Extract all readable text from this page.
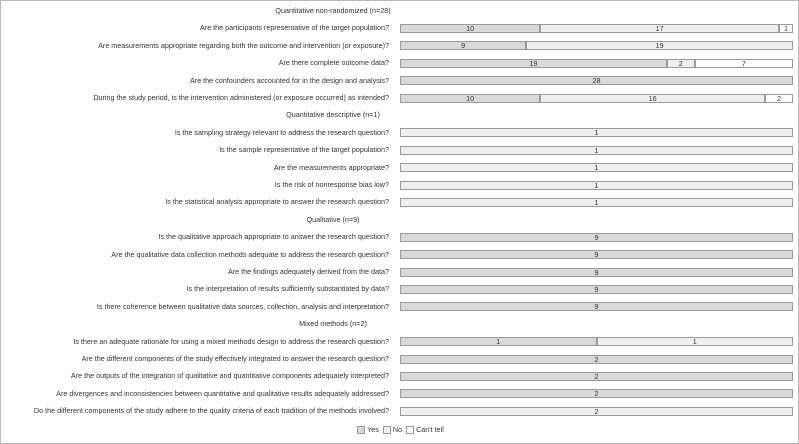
Quantitative non-randomized (n=28)
Are the participants representative of the target population?	10	17	1
Are measurements appropriate regarding both the outcome and intervention (or exposure)?	9	19
Are there complete outcome data?	19	2	7
Are the confounders accounted for in the design and analysis?	28
During the study period, is the intervention administered (or exposure occurred) as intended?	10	16	2
Quantitative descriptive (n=1)
Is the sampling strategy relevant to address the research question?	1
Is the sample representative of the target population?	1
Are the measurements appropriate?	1
Is the risk of nonresponse bias low?	1
Is the statistical analysis appropriate to answer the research question?	1
Qualitative (n=9)
Is the qualitative approach appropriate to answer the research question?	9
Are the qualitative data collection methods adequate to address the research question?	9
Are the findings adequately derived from the data?	9
Is the interpretation of results sufficiently substantiated by data?	9
Is there coherence between qualitative data sources, collection, analysis and interpretation?	9
Mixed methods (n=2)
Is there an adequate rationale for using a mixed methods design to address the research question?	1	1
Are the different components of the study effectively integrated to answer the research question?	2
Are the outputs of the integration of qualitative and quantitative components adequately interpreted?	2
Are divergences and inconsistencies between quantitative and qualitative results adequately addressed?	2
Do the different components of the study adhere to the quality criteria of each tradition of the methods involved?	2
Yes No Can't tell
